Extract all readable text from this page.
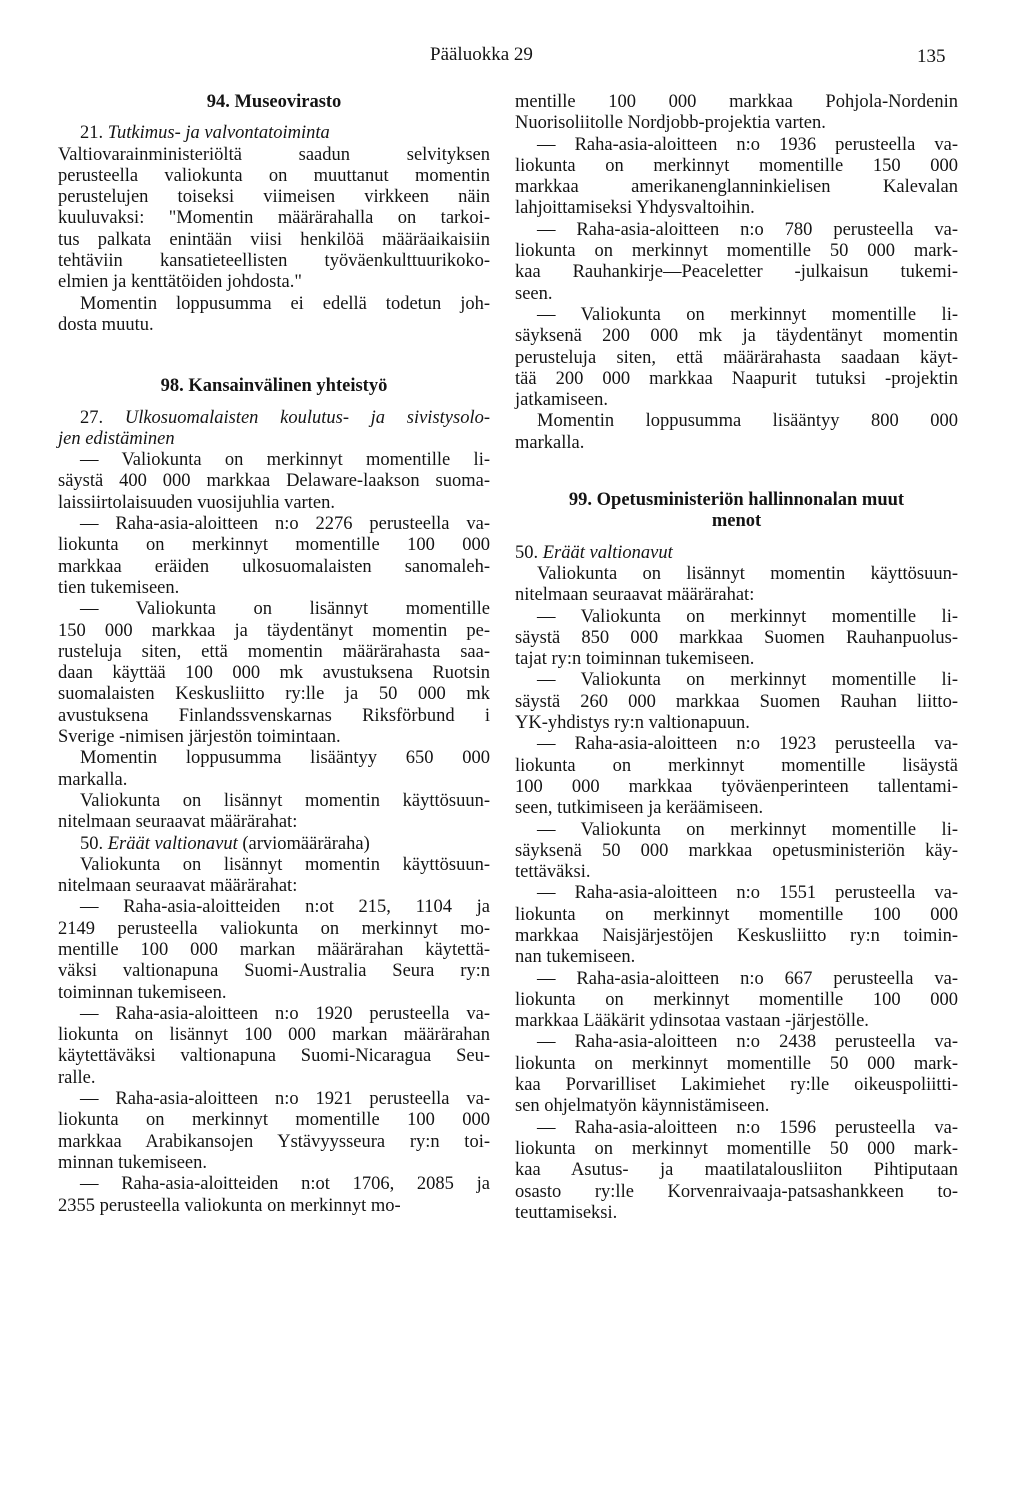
Pääluokka 29	135
94. Museovirasto
21. Tutkimus- ja valvontatoiminta
Valtiovarainministeriöltä saadun selvityksen
perusteella valiokunta on muuttanut momentin
perustelujen toiseksi viimeisen virkkeen näin
kuuluvaksi: "Momentin määrärahalla on tarkoi-
tus palkata enintään viisi henkilöä määräaikaisiin
tehtäviin kansatieteellisten työväenkulttuurikoko-
elmien ja kenttätöiden johdosta."
Momentin loppusumma ei edellä todetun joh-
dosta muutu.
98. Kansainvälinen yhteistyö
27. Ulkosuomalaisten koulutus- ja sivistysolo-
jen edistäminen
— Valiokunta on merkinnyt momentille li-
säystä 400 000 markkaa Delaware-laakson suoma-
laissiirtolaisuuden vuosijuhlia varten.
— Raha-asia-aloitteen n:o 2276 perusteella va-
liokunta on merkinnyt momentille 100 000
markkaa eräiden ulkosuomalaisten sanomaleh-
tien tukemiseen.
— Valiokunta on lisännyt momentille
150 000 markkaa ja täydentänyt momentin pe-
rusteluja siten, että momentin määrärahasta saa-
daan käyttää 100 000 mk avustuksena Ruotsin
suomalaisten Keskusliitto ry:lle ja 50 000 mk
avustuksena Finlandssvenskarnas Riksförbund i
Sverige -nimisen järjestön toimintaan.
Momentin loppusumma lisääntyy 650 000
markalla.
Valiokunta on lisännyt momentin käyttösuun-
nitelmaan seuraavat määrärahat:
50. Eräät valtionavut (arviomääräraha)
Valiokunta on lisännyt momentin käyttösuun-
nitelmaan seuraavat määrärahat:
— Raha-asia-aloitteiden n:ot 215, 1104 ja
2149 perusteella valiokunta on merkinnyt mo-
mentille 100 000 markan määrärahan käytettä-
väksi valtionapuna Suomi-Australia Seura ry:n
toiminnan tukemiseen.
— Raha-asia-aloitteen n:o 1920 perusteella va-
liokunta on lisännyt 100 000 markan määrärahan
käytettäväksi valtionapuna Suomi-Nicaragua Seu-
ralle.
— Raha-asia-aloitteen n:o 1921 perusteella va-
liokunta on merkinnyt momentille 100 000
markkaa Arabikansojen Ystävyysseura ry:n toi-
minnan tukemiseen.
— Raha-asia-aloitteiden n:ot 1706, 2085 ja
2355 perusteella valiokunta on merkinnyt mo-
mentille 100 000 markkaa Pohjola-Nordenin
Nuorisoliitolle Nordjobb-projektia varten.
— Raha-asia-aloitteen n:o 1936 perusteella va-
liokunta on merkinnyt momentille 150 000
markkaa amerikanenglanninkielisen Kalevalan
lahjoittamiseksi Yhdysvaltoihin.
— Raha-asia-aloitteen n:o 780 perusteella va-
liokunta on merkinnyt momentille 50 000 mark-
kaa Rauhankirje—Peaceletter -julkaisun tukemi-
seen.
— Valiokunta on merkinnyt momentille li-
säyksenä 200 000 mk ja täydentänyt momentin
perusteluja siten, että määrärahasta saadaan käyt-
tää 200 000 markkaa Naapurit tutuksi -projektin
jatkamiseen.
Momentin loppusumma lisääntyy 800 000
markalla.
99. Opetusministeriön hallinnonalan muut
menot
50. Eräät valtionavut
Valiokunta on lisännyt momentin käyttösuun-
nitelmaan seuraavat määrärahat:
— Valiokunta on merkinnyt momentille li-
säystä 850 000 markkaa Suomen Rauhanpuolus-
tajat ry:n toiminnan tukemiseen.
— Valiokunta on merkinnyt momentille li-
säystä 260 000 markkaa Suomen Rauhan liitto-
YK-yhdistys ry:n valtionapuun.
— Raha-asia-aloitteen n:o 1923 perusteella va-
liokunta on merkinnyt momentille lisäystä
100 000 markkaa työväenperinteen tallentami-
seen, tutkimiseen ja keräämiseen.
— Valiokunta on merkinnyt momentille li-
säyksenä 50 000 markkaa opetusministeriön käy-
tettäväksi.
— Raha-asia-aloitteen n:o 1551 perusteella va-
liokunta on merkinnyt momentille 100 000
markkaa Naisjärjestöjen Keskusliitto ry:n toimin-
nan tukemiseen.
— Raha-asia-aloitteen n:o 667 perusteella va-
liokunta on merkinnyt momentille 100 000
markkaa Lääkärit ydinsotaa vastaan -järjestölle.
— Raha-asia-aloitteen n:o 2438 perusteella va-
liokunta on merkinnyt momentille 50 000 mark-
kaa Porvarilliset Lakimiehet ry:lle oikeuspoliitti-
sen ohjelmatyön käynnistämiseen.
— Raha-asia-aloitteen n:o 1596 perusteella va-
liokunta on merkinnyt momentille 50 000 mark-
kaa Asutus- ja maatilatalousliiton Pihtiputaan
osasto ry:lle Korvenraivaaja-patsashankkeen to-
teuttamiseksi.
